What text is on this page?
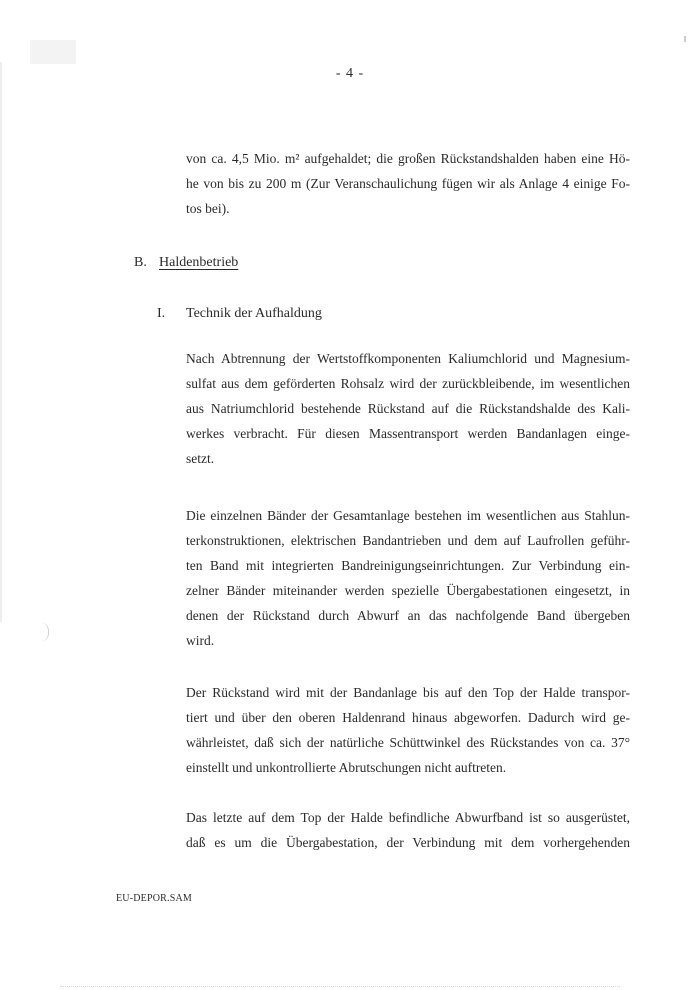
- 4 -

von ca. 4,5 Mio. m² aufgehaldet; die großen Rückstandshalden haben eine Hö-
he von bis zu 200 m (Zur Veranschaulichung fügen wir als Anlage 4 einige Fo-
tos bei).

B. Haldenbetrieb
I. Technik der Aufhaldung

Nach Abtrennung der Wertstoffkomponenten Kaliumchlorid und Magnesium-
sulfat aus dem geförderten Rohsalz wird der zurückbleibende, im wesentlichen
aus Natriumchlorid bestehende Rückstand auf die Rückstandshalde des Kali-
werkes verbracht. Für diesen Massentransport werden Bandanlagen einge-
setzt.

Die einzelnen Bänder der Gesamtanlage bestehen im wesentlichen aus Stahlun-
terkonstruktionen, elektrischen Bandantrieben und dem auf Laufrollen geführ-
ten Band mit integrierten Bandreinigungseinrichtungen. Zur Verbindung ein-
zelner Bänder miteinander werden spezielle Übergabestationen eingesetzt, in
denen der Rückstand durch Abwurf an das nachfolgende Band übergeben
wird.

Der Rückstand wird mit der Bandanlage bis auf den Top der Halde transpor-
tiert und über den oberen Haldenrand hinaus abgeworfen. Dadurch wird ge-
währleistet, daß sich der natürliche Schüttwinkel des Rückstandes von ca. 37°
einstellt und unkontrollierte Abrutschungen nicht auftreten.

Das letzte auf dem Top der Halde befindliche Abwurfband ist so ausgerüstet,
daß es um die Übergabestation, der Verbindung mit dem vorhergehenden

EU-DEPOR.SAM
